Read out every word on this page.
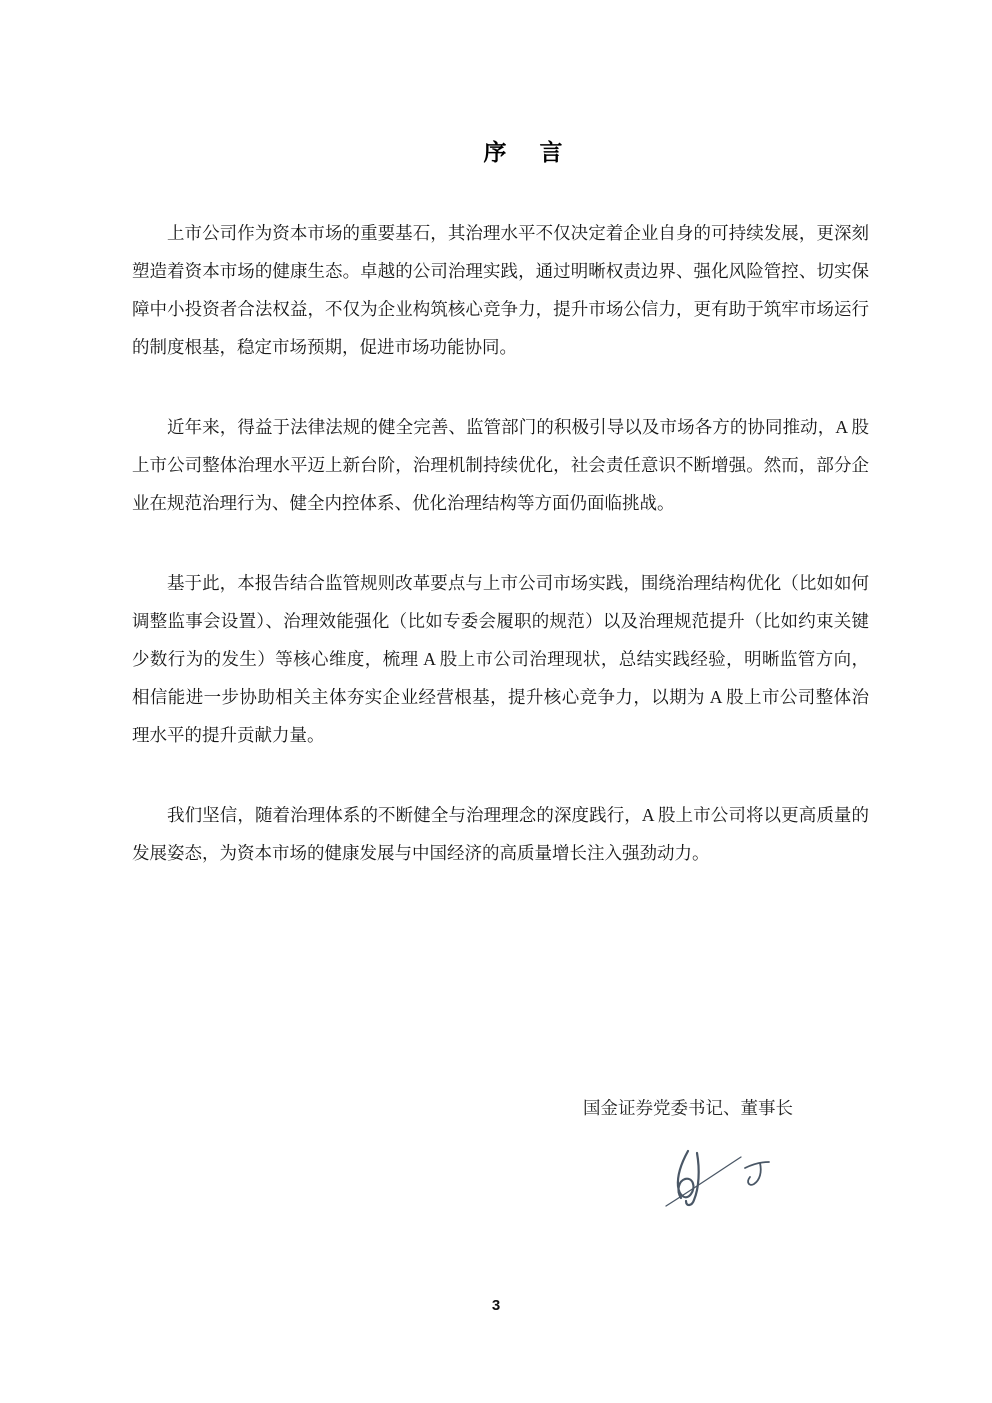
序　言

上市公司作为资本市场的重要基石，其治理水平不仅决定着企业自身的可持续发展，更深刻塑造着资本市场的健康生态。卓越的公司治理实践，通过明晰权责边界、强化风险管控、切实保障中小投资者合法权益，不仅为企业构筑核心竞争力，提升市场公信力，更有助于筑牢市场运行的制度根基，稳定市场预期，促进市场功能协同。

近年来，得益于法律法规的健全完善、监管部门的积极引导以及市场各方的协同推动，A 股上市公司整体治理水平迈上新台阶，治理机制持续优化，社会责任意识不断增强。然而，部分企业在规范治理行为、健全内控体系、优化治理结构等方面仍面临挑战。

基于此，本报告结合监管规则改革要点与上市公司市场实践，围绕治理结构优化（比如如何调整监事会设置）、治理效能强化（比如专委会履职的规范）以及治理规范提升（比如约束关键少数行为的发生）等核心维度，梳理 A 股上市公司治理现状，总结实践经验，明晰监管方向，相信能进一步协助相关主体夯实企业经营根基，提升核心竞争力，以期为 A 股上市公司整体治理水平的提升贡献力量。

我们坚信，随着治理体系的不断健全与治理理念的深度践行，A 股上市公司将以更高质量的发展姿态，为资本市场的健康发展与中国经济的高质量增长注入强劲动力。

国金证券党委书记、董事长
3
